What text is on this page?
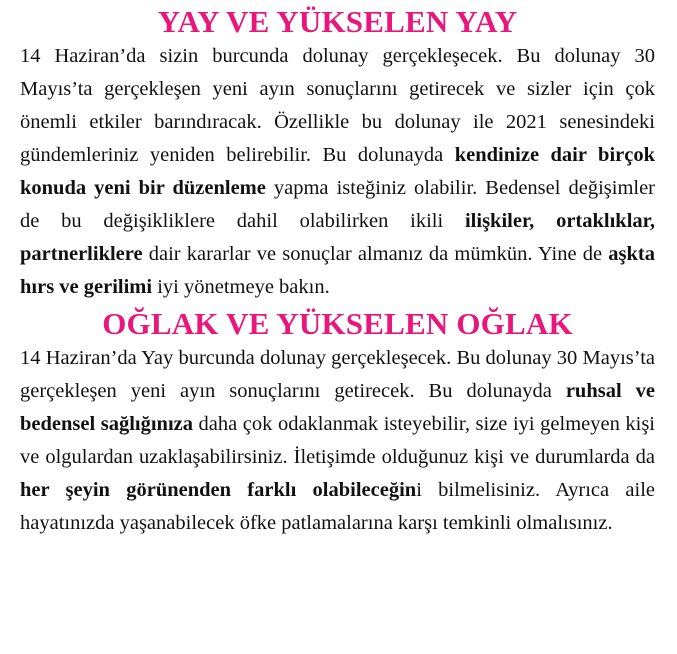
YAY VE YÜKSELEN YAY

14 Haziran’da sizin burcunda dolunay gerçekleşecek. Bu dolunay 30 Mayıs’ta gerçekleşen yeni ayın sonuçlarını getirecek ve sizler için çok önemli etkiler barındıracak. Özellikle bu dolunay ile 2021 senesindeki gündemleriniz yeniden belirebilir. Bu dolunayda kendinize dair birçok konuda yeni bir düzenleme yapma isteğiniz olabilir. Bedensel değişimler de bu değişikliklere dahil olabilirken ikili ilişkiler, ortaklıklar, partnerliklere dair kararlar ve sonuçlar almanız da mümkün. Yine de aşkta hırs ve gerilimi iyi yönetmeye bakın.

OĞLAK VE YÜKSELEN OĞLAK

14 Haziran’da Yay burcunda dolunay gerçekleşecek. Bu dolunay 30 Mayıs’ta gerçekleşen yeni ayın sonuçlarını getirecek. Bu dolunayda ruhsal ve bedensel sağlığınıza daha çok odaklanmak isteyebilir, size iyi gelmeyen kişi ve olgulardan uzaklaşabilirsiniz. İletişimde olduğunuz kişi ve durumlarda da her şeyin görünenden farklı olabileceğini bilmelisiniz. Ayrıca aile hayatınızda yaşanabilecek öfke patlamalarına karşı temkinli olmalısınız.
